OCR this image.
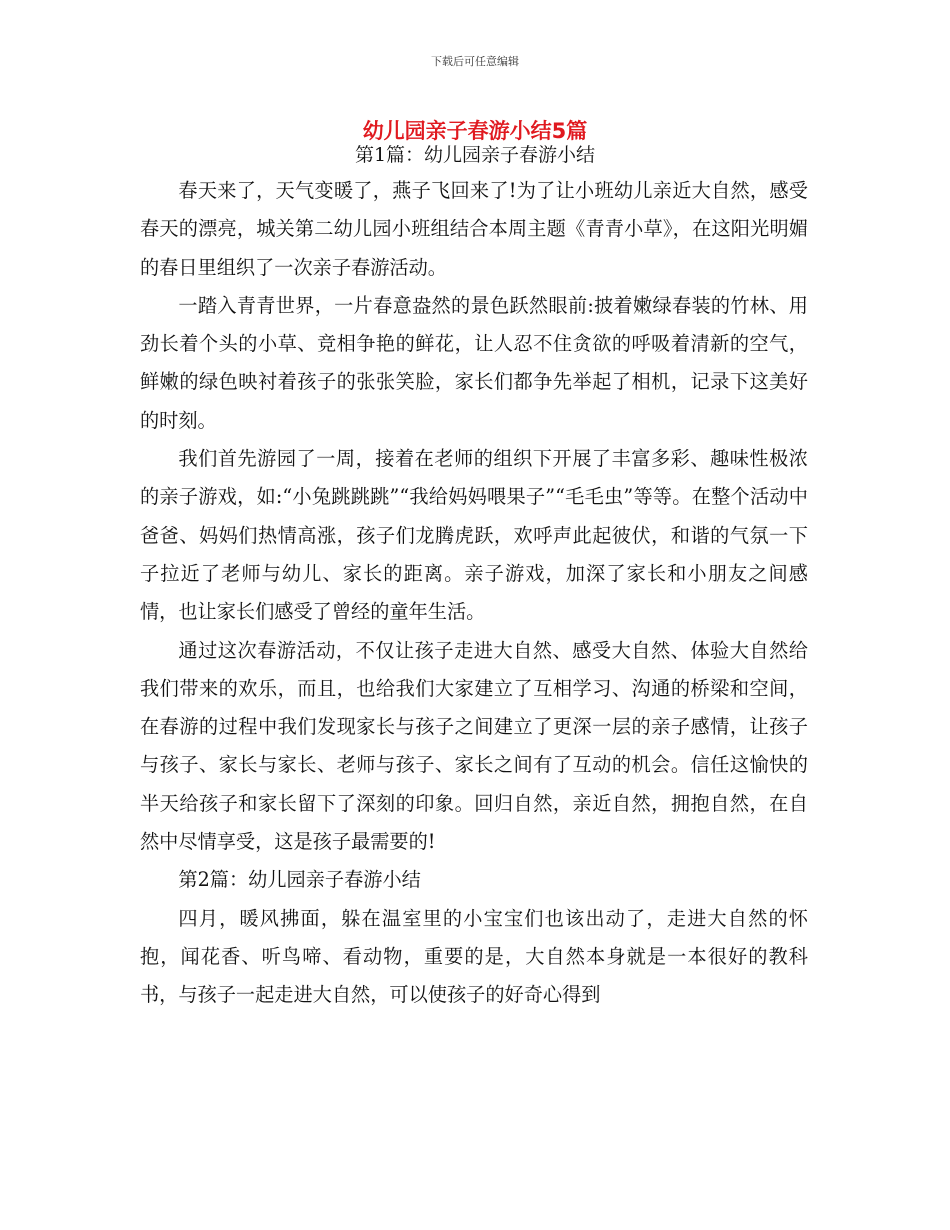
下载后可任意编辑
幼儿园亲子春游小结5篇
第1篇：幼儿园亲子春游小结

春天来了，天气变暖了，燕子飞回来了!为了让小班幼儿亲近大自然，感受春天的漂亮，城关第二幼儿园小班组结合本周主题《青青小草》，在这阳光明媚的春日里组织了一次亲子春游活动。

一踏入青青世界，一片春意盎然的景色跃然眼前:披着嫩绿春装的竹林、用劲长着个头的小草、竞相争艳的鲜花，让人忍不住贪欲的呼吸着清新的空气，鲜嫩的绿色映衬着孩子的张张笑脸，家长们都争先举起了相机，记录下这美好的时刻。

我们首先游园了一周，接着在老师的组织下开展了丰富多彩、趣味性极浓的亲子游戏，如:“小兔跳跳跳”“我给妈妈喂果子”“毛毛虫”等等。在整个活动中爸爸、妈妈们热情高涨，孩子们龙腾虎跃，欢呼声此起彼伏，和谐的气氛一下子拉近了老师与幼儿、家长的距离。亲子游戏，加深了家长和小朋友之间感情，也让家长们感受了曾经的童年生活。

通过这次春游活动，不仅让孩子走进大自然、感受大自然、体验大自然给我们带来的欢乐，而且，也给我们大家建立了互相学习、沟通的桥梁和空间，在春游的过程中我们发现家长与孩子之间建立了更深一层的亲子感情，让孩子与孩子、家长与家长、老师与孩子、家长之间有了互动的机会。信任这愉快的半天给孩子和家长留下了深刻的印象。回归自然，亲近自然，拥抱自然，在自然中尽情享受，这是孩子最需要的!

第2篇：幼儿园亲子春游小结

四月，暖风拂面，躲在温室里的小宝宝们也该出动了，走进大自然的怀抱，闻花香、听鸟啼、看动物，重要的是，大自然本身就是一本很好的教科书，与孩子一起走进大自然，可以使孩子的好奇心得到
